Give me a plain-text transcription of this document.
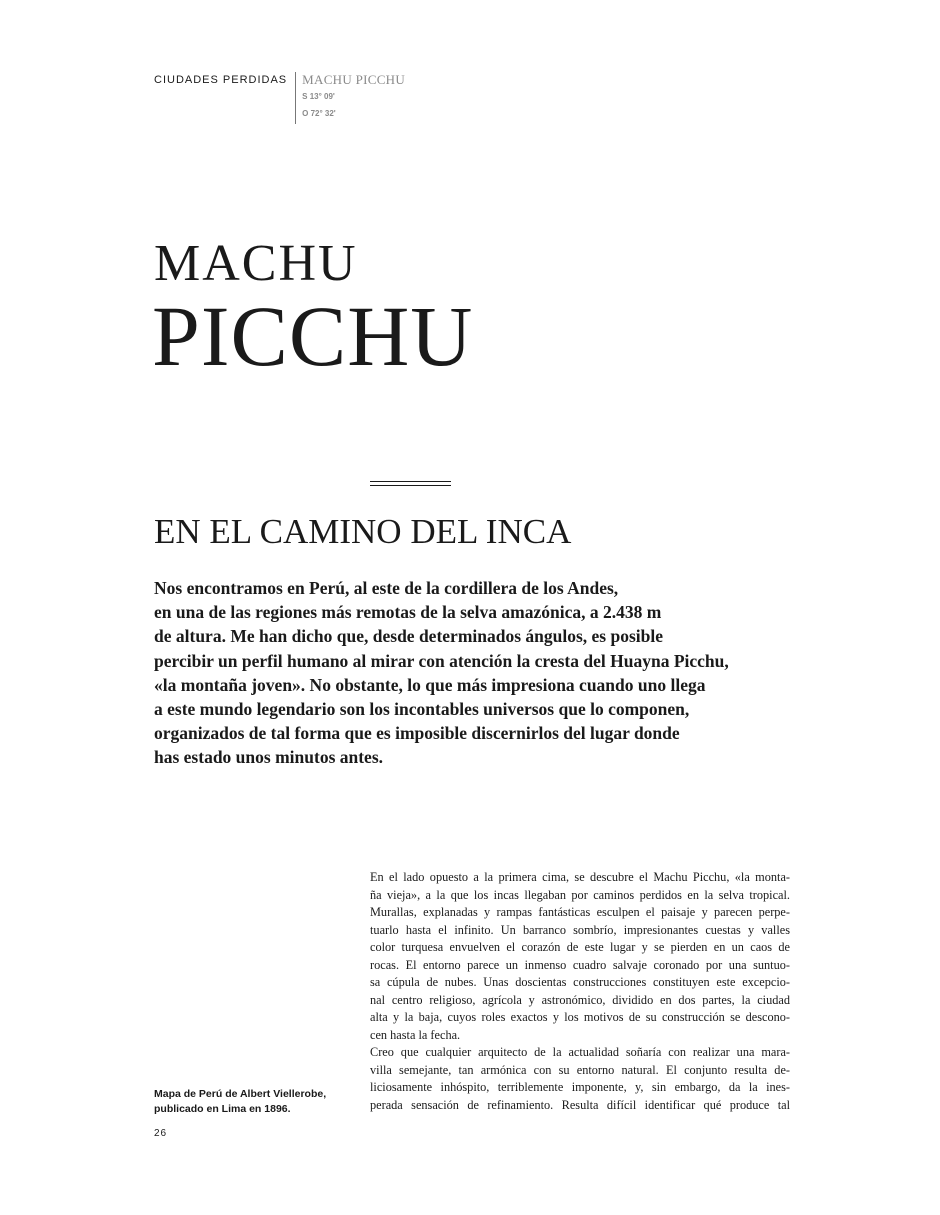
CIUDADES PERDIDAS	MACHU PICCHU
S 13° 09'
O 72° 32'
MACHU
PICCHU
EN EL CAMINO DEL INCA
Nos encontramos en Perú, al este de la cordillera de los Andes,
en una de las regiones más remotas de la selva amazónica, a 2.438 m
de altura. Me han dicho que, desde determinados ángulos, es posible
percibir un perfil humano al mirar con atención la cresta del Huayna Picchu,
«la montaña joven». No obstante, lo que más impresiona cuando uno llega
a este mundo legendario son los incontables universos que lo componen,
organizados de tal forma que es imposible discernirlos del lugar donde
has estado unos minutos antes.
Mapa de Perú de Albert Viellerobe,
publicado en Lima en 1896.
26
En el lado opuesto a la primera cima, se descubre el Machu Picchu, «la monta-
ña vieja», a la que los incas llegaban por caminos perdidos en la selva tropical.
Murallas, explanadas y rampas fantásticas esculpen el paisaje y parecen perpe-
tuarlo hasta el infinito. Un barranco sombrío, impresionantes cuestas y valles
color turquesa envuelven el corazón de este lugar y se pierden en un caos de
rocas. El entorno parece un inmenso cuadro salvaje coronado por una suntuo-
sa cúpula de nubes. Unas doscientas construcciones constituyen este excepcio-
nal centro religioso, agrícola y astronómico, dividido en dos partes, la ciudad
alta y la baja, cuyos roles exactos y los motivos de su construcción se descono-
cen hasta la fecha.
Creo que cualquier arquitecto de la actualidad soñaría con realizar una mara-
villa semejante, tan armónica con su entorno natural. El conjunto resulta de-
liciosamente inhóspito, terriblemente imponente, y, sin embargo, da la ines-
perada sensación de refinamiento. Resulta difícil identificar qué produce tal
